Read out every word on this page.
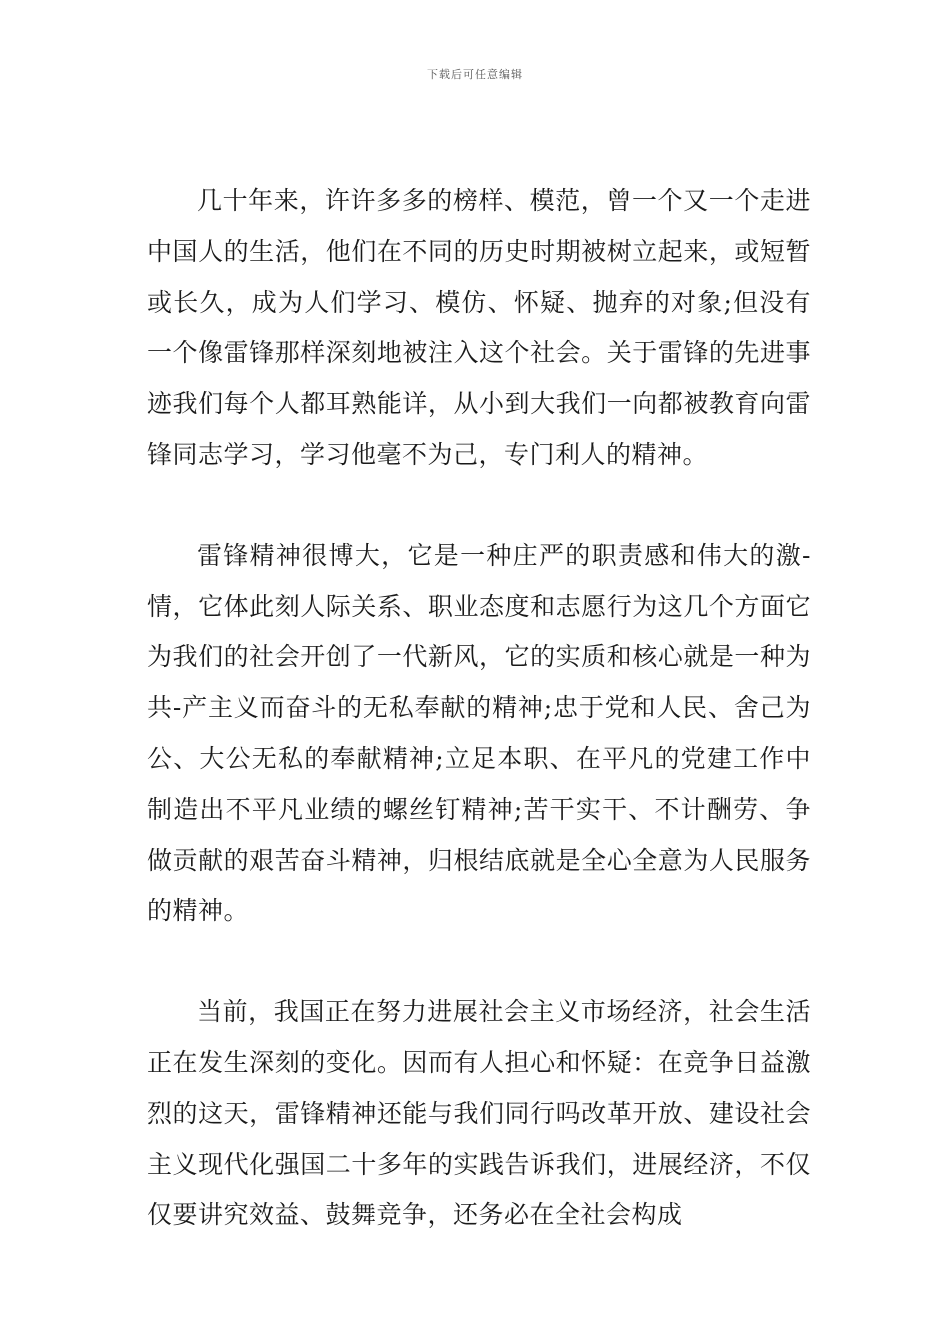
下载后可任意编辑

几十年来，许许多多的榜样、模范，曾一个又一个走进中国人的生活，他们在不同的历史时期被树立起来，或短暂或长久，成为人们学习、模仿、怀疑、抛弃的对象;但没有一个像雷锋那样深刻地被注入这个社会。关于雷锋的先进事迹我们每个人都耳熟能详，从小到大我们一向都被教育向雷锋同志学习，学习他毫不为己，专门利人的精神。

雷锋精神很博大，它是一种庄严的职责感和伟大的激-情，它体此刻人际关系、职业态度和志愿行为这几个方面它为我们的社会开创了一代新风，它的实质和核心就是一种为共-产主义而奋斗的无私奉献的精神;忠于党和人民、舍己为公、大公无私的奉献精神;立足本职、在平凡的党建工作中制造出不平凡业绩的螺丝钉精神;苦干实干、不计酬劳、争做贡献的艰苦奋斗精神，归根结底就是全心全意为人民服务的精神。

当前，我国正在努力进展社会主义市场经济，社会生活正在发生深刻的变化。因而有人担心和怀疑：在竞争日益激烈的这天，雷锋精神还能与我们同行吗改革开放、建设社会主义现代化强国二十多年的实践告诉我们，进展经济，不仅仅要讲究效益、鼓舞竞争，还务必在全社会构成
